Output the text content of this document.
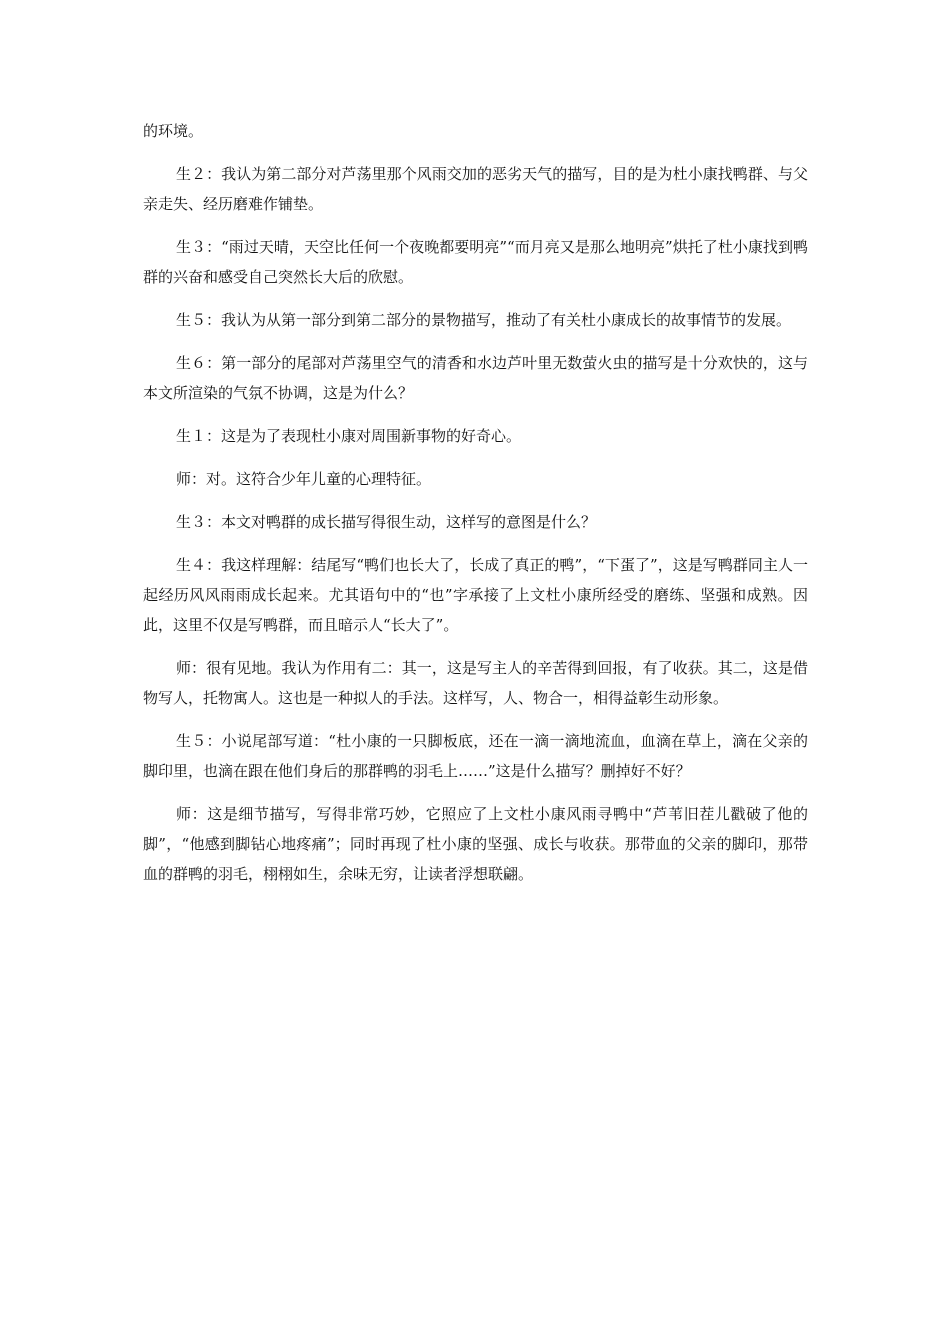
的环境。

生２：我认为第二部分对芦荡里那个风雨交加的恶劣天气的描写，目的是为杜小康找鸭群、与父亲走失、经历磨难作铺垫。

生３：“雨过天晴，天空比任何一个夜晚都要明亮”“而月亮又是那么地明亮”烘托了杜小康找到鸭群的兴奋和感受自己突然长大后的欣慰。

生５：我认为从第一部分到第二部分的景物描写，推动了有关杜小康成长的故事情节的发展。

生６：第一部分的尾部对芦荡里空气的清香和水边芦叶里无数萤火虫的描写是十分欢快的，这与本文所渲染的气氛不协调，这是为什么？

生１：这是为了表现杜小康对周围新事物的好奇心。

师：对。这符合少年儿童的心理特征。

生３：本文对鸭群的成长描写得很生动，这样写的意图是什么？

生４：我这样理解：结尾写“鸭们也长大了，长成了真正的鸭”，“下蛋了”，这是写鸭群同主人一起经历风风雨雨成长起来。尤其语句中的“也”字承接了上文杜小康所经受的磨练、坚强和成熟。因此，这里不仅是写鸭群，而且暗示人“长大了”。

师：很有见地。我认为作用有二：其一，这是写主人的辛苦得到回报，有了收获。其二，这是借物写人，托物寓人。这也是一种拟人的手法。这样写，人、物合一，相得益彰生动形象。

生５：小说尾部写道：“杜小康的一只脚板底，还在一滴一滴地流血，血滴在草上，滴在父亲的脚印里，也滴在跟在他们身后的那群鸭的羽毛上……”这是什么描写？删掉好不好？

师：这是细节描写，写得非常巧妙，它照应了上文杜小康风雨寻鸭中“芦苇旧茬儿戳破了他的脚”，“他感到脚钻心地疼痛”；同时再现了杜小康的坚强、成长与收获。那带血的父亲的脚印，那带血的群鸭的羽毛，栩栩如生，余味无穷，让读者浮想联翩。
